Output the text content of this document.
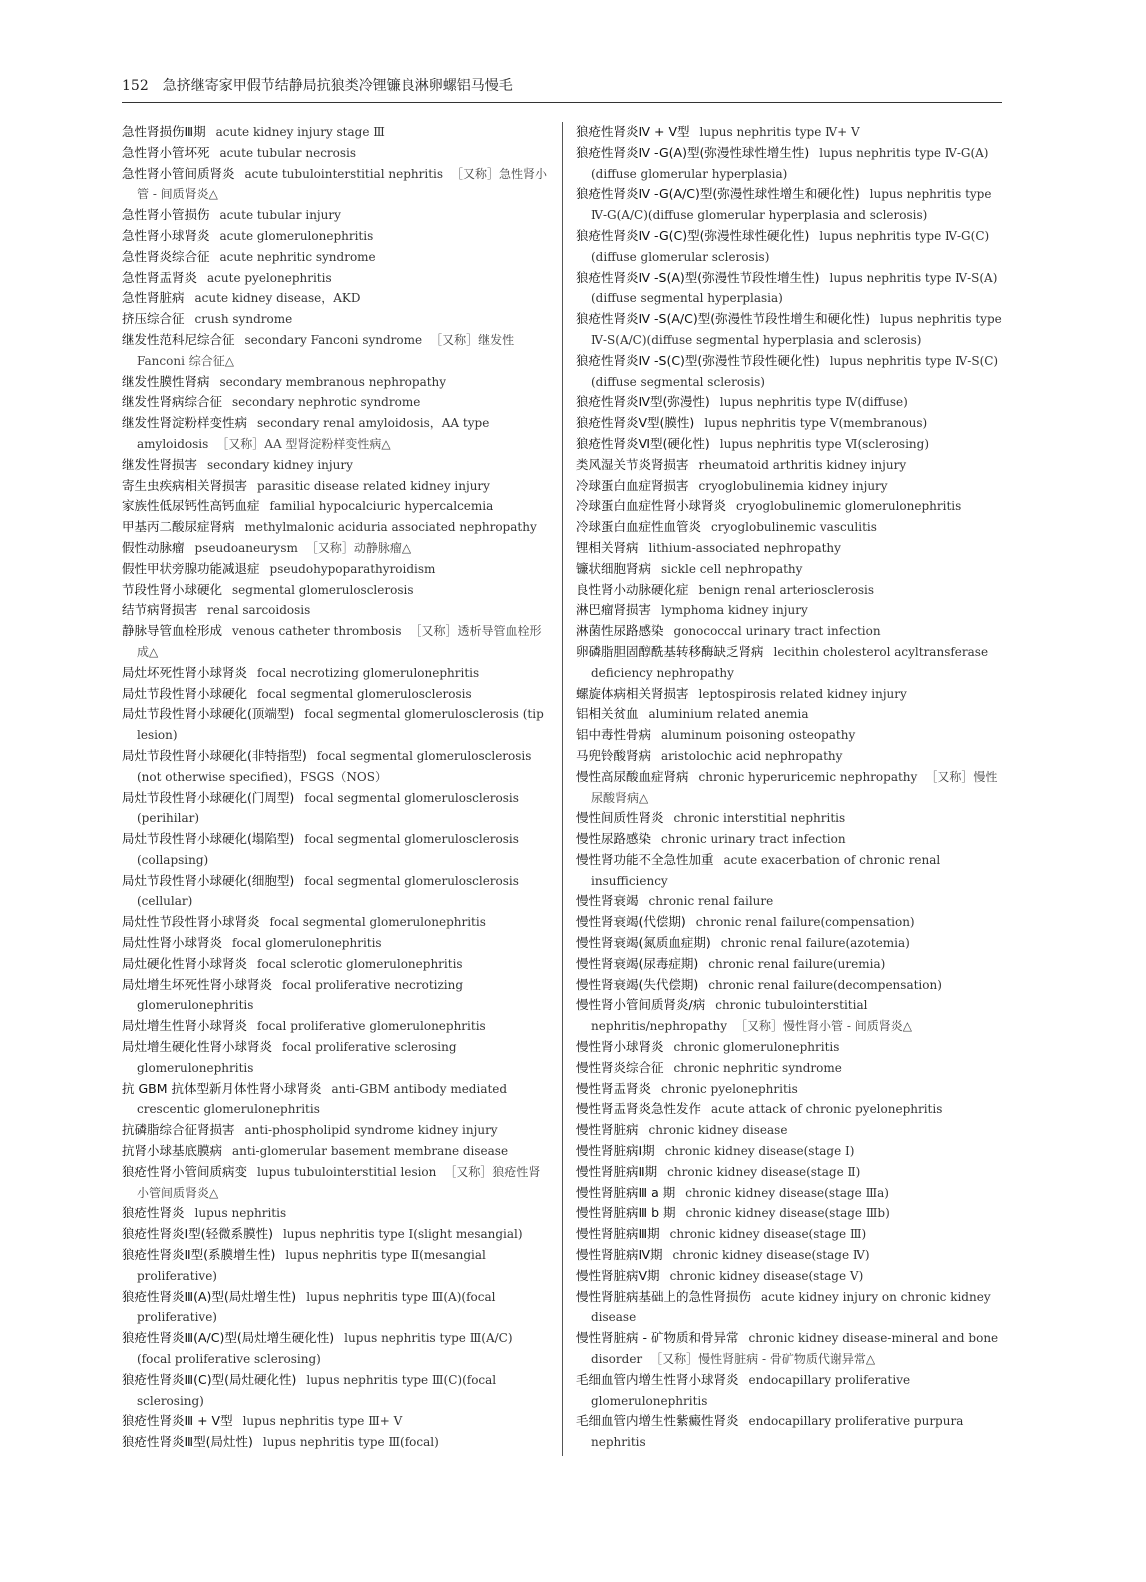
152 急挤继寄家甲假节结静局抗狼类冷锂镰良淋卵螺铝马慢毛
急性肾损伤Ⅲ期 acute kidney injury stage Ⅲ
急性肾小管坏死 acute tubular necrosis
急性肾小管间质肾炎 acute tubulointerstitial nephritis ［又称］急性肾小管 - 间质肾炎△
急性肾小管损伤 acute tubular injury
急性肾小球肾炎 acute glomerulonephritis
急性肾炎综合征 acute nephritic syndrome
急性肾盂肾炎 acute pyelonephritis
急性肾脏病 acute kidney disease，AKD
挤压综合征 crush syndrome
继发性范科尼综合征 secondary Fanconi syndrome ［又称］继发性 Fanconi 综合征△
继发性膜性肾病 secondary membranous nephropathy
继发性肾病综合征 secondary nephrotic syndrome
继发性肾淀粉样变性病 secondary renal amyloidosis，AA type amyloidosis ［又称］AA 型肾淀粉样变性病△
继发性肾损害 secondary kidney injury
寄生虫疾病相关肾损害 parasitic disease related kidney injury
家族性低尿钙性高钙血症 familial hypocalciuric hypercalcemia
甲基丙二酸尿症肾病 methylmalonic aciduria associated nephropathy
假性动脉瘤 pseudoaneurysm ［又称］动静脉瘤△
假性甲状旁腺功能减退症 pseudohypoparathyroidism
节段性肾小球硬化 segmental glomerulosclerosis
结节病肾损害 renal sarcoidosis
静脉导管血栓形成 venous catheter thrombosis ［又称］透析导管血栓形成△
局灶坏死性肾小球肾炎 focal necrotizing glomerulonephritis
局灶节段性肾小球硬化 focal segmental glomerulosclerosis
局灶节段性肾小球硬化(顶端型) focal segmental glomerulosclerosis (tip lesion)
局灶节段性肾小球硬化(非特指型) focal segmental glomerulosclerosis (not otherwise specified)，FSGS（NOS）
局灶节段性肾小球硬化(门周型) focal segmental glomerulosclerosis (perihilar)
局灶节段性肾小球硬化(塌陷型) focal segmental glomerulosclerosis (collapsing)
局灶节段性肾小球硬化(细胞型) focal segmental glomerulosclerosis (cellular)
局灶性节段性肾小球肾炎 focal segmental glomerulonephritis
局灶性肾小球肾炎 focal glomerulonephritis
局灶硬化性肾小球肾炎 focal sclerotic glomerulonephritis
局灶增生坏死性肾小球肾炎 focal proliferative necrotizing glomerulonephritis
局灶增生性肾小球肾炎 focal proliferative glomerulonephritis
局灶增生硬化性肾小球肾炎 focal proliferative sclerosing glomerulonephritis
抗 GBM 抗体型新月体性肾小球肾炎 anti-GBM antibody mediated crescentic glomerulonephritis
抗磷脂综合征肾损害 anti-phospholipid syndrome kidney injury
抗肾小球基底膜病 anti-glomerular basement membrane disease
狼疮性肾小管间质病变 lupus tubulointerstitial lesion ［又称］狼疮性肾小管间质肾炎△
狼疮性肾炎 lupus nephritis
狼疮性肾炎Ⅰ型(轻微系膜性) lupus nephritis type Ⅰ(slight mesangial)
狼疮性肾炎Ⅱ型(系膜增生性) lupus nephritis type Ⅱ(mesangial proliferative)
狼疮性肾炎Ⅲ(A)型(局灶增生性) lupus nephritis type Ⅲ(A)(focal proliferative)
狼疮性肾炎Ⅲ(A/C)型(局灶增生硬化性) lupus nephritis type Ⅲ(A/C) (focal proliferative sclerosing)
狼疮性肾炎Ⅲ(C)型(局灶硬化性) lupus nephritis type Ⅲ(C)(focal sclerosing)
狼疮性肾炎Ⅲ + Ⅴ型 lupus nephritis type Ⅲ+ Ⅴ
狼疮性肾炎Ⅲ型(局灶性) lupus nephritis type Ⅲ(focal)
狼疮性肾炎Ⅳ + Ⅴ型 lupus nephritis type Ⅳ+ Ⅴ
狼疮性肾炎Ⅳ -G(A)型(弥漫性球性增生性) lupus nephritis type Ⅳ-G(A)(diffuse glomerular hyperplasia)
狼疮性肾炎Ⅳ -G(A/C)型(弥漫性球性增生和硬化性) lupus nephritis type Ⅳ-G(A/C)(diffuse glomerular hyperplasia and sclerosis)
狼疮性肾炎Ⅳ -G(C)型(弥漫性球性硬化性) lupus nephritis type Ⅳ-G(C)(diffuse glomerular sclerosis)
狼疮性肾炎Ⅳ -S(A)型(弥漫性节段性增生性) lupus nephritis type Ⅳ-S(A)(diffuse segmental hyperplasia)
狼疮性肾炎Ⅳ -S(A/C)型(弥漫性节段性增生和硬化性) lupus nephritis type Ⅳ-S(A/C)(diffuse segmental hyperplasia and sclerosis)
狼疮性肾炎Ⅳ -S(C)型(弥漫性节段性硬化性) lupus nephritis type Ⅳ-S(C)(diffuse segmental sclerosis)
狼疮性肾炎Ⅳ型(弥漫性) lupus nephritis type Ⅳ(diffuse)
狼疮性肾炎Ⅴ型(膜性) lupus nephritis type Ⅴ(membranous)
狼疮性肾炎Ⅵ型(硬化性) lupus nephritis type Ⅵ(sclerosing)
类风湿关节炎肾损害 rheumatoid arthritis kidney injury
冷球蛋白血症肾损害 cryoglobulinemia kidney injury
冷球蛋白血症性肾小球肾炎 cryoglobulinemic glomerulonephritis
冷球蛋白血症性血管炎 cryoglobulinemic vasculitis
锂相关肾病 lithium-associated nephropathy
镰状细胞肾病 sickle cell nephropathy
良性肾小动脉硬化症 benign renal arteriosclerosis
淋巴瘤肾损害 lymphoma kidney injury
淋菌性尿路感染 gonococcal urinary tract infection
卵磷脂胆固醇酰基转移酶缺乏肾病 lecithin cholesterol acyltransferase deficiency nephropathy
螺旋体病相关肾损害 leptospirosis related kidney injury
铝相关贫血 aluminium related anemia
铝中毒性骨病 aluminum poisoning osteopathy
马兜铃酸肾病 aristolochic acid nephropathy
慢性高尿酸血症肾病 chronic hyperuricemic nephropathy ［又称］慢性尿酸肾病△
慢性间质性肾炎 chronic interstitial nephritis
慢性尿路感染 chronic urinary tract infection
慢性肾功能不全急性加重 acute exacerbation of chronic renal insufficiency
慢性肾衰竭 chronic renal failure
慢性肾衰竭(代偿期) chronic renal failure(compensation)
慢性肾衰竭(氮质血症期) chronic renal failure(azotemia)
慢性肾衰竭(尿毒症期) chronic renal failure(uremia)
慢性肾衰竭(失代偿期) chronic renal failure(decompensation)
慢性肾小管间质肾炎/病 chronic tubulointerstitial nephritis/nephropathy ［又称］慢性肾小管 - 间质肾炎△
慢性肾小球肾炎 chronic glomerulonephritis
慢性肾炎综合征 chronic nephritic syndrome
慢性肾盂肾炎 chronic pyelonephritis
慢性肾盂肾炎急性发作 acute attack of chronic pyelonephritis
慢性肾脏病 chronic kidney disease
慢性肾脏病Ⅰ期 chronic kidney disease(stage Ⅰ)
慢性肾脏病Ⅱ期 chronic kidney disease(stage Ⅱ)
慢性肾脏病Ⅲ a 期 chronic kidney disease(stage Ⅲa)
慢性肾脏病Ⅲ b 期 chronic kidney disease(stage Ⅲb)
慢性肾脏病Ⅲ期 chronic kidney disease(stage Ⅲ)
慢性肾脏病Ⅳ期 chronic kidney disease(stage Ⅳ)
慢性肾脏病Ⅴ期 chronic kidney disease(stage Ⅴ)
慢性肾脏病基础上的急性肾损伤 acute kidney injury on chronic kidney disease
慢性肾脏病 - 矿物质和骨异常 chronic kidney disease-mineral and bone disorder ［又称］慢性肾脏病 - 骨矿物质代谢异常△
毛细血管内增生性肾小球肾炎 endocapillary proliferative glomerulonephritis
毛细血管内增生性紫癜性肾炎 endocapillary proliferative purpura nephritis
